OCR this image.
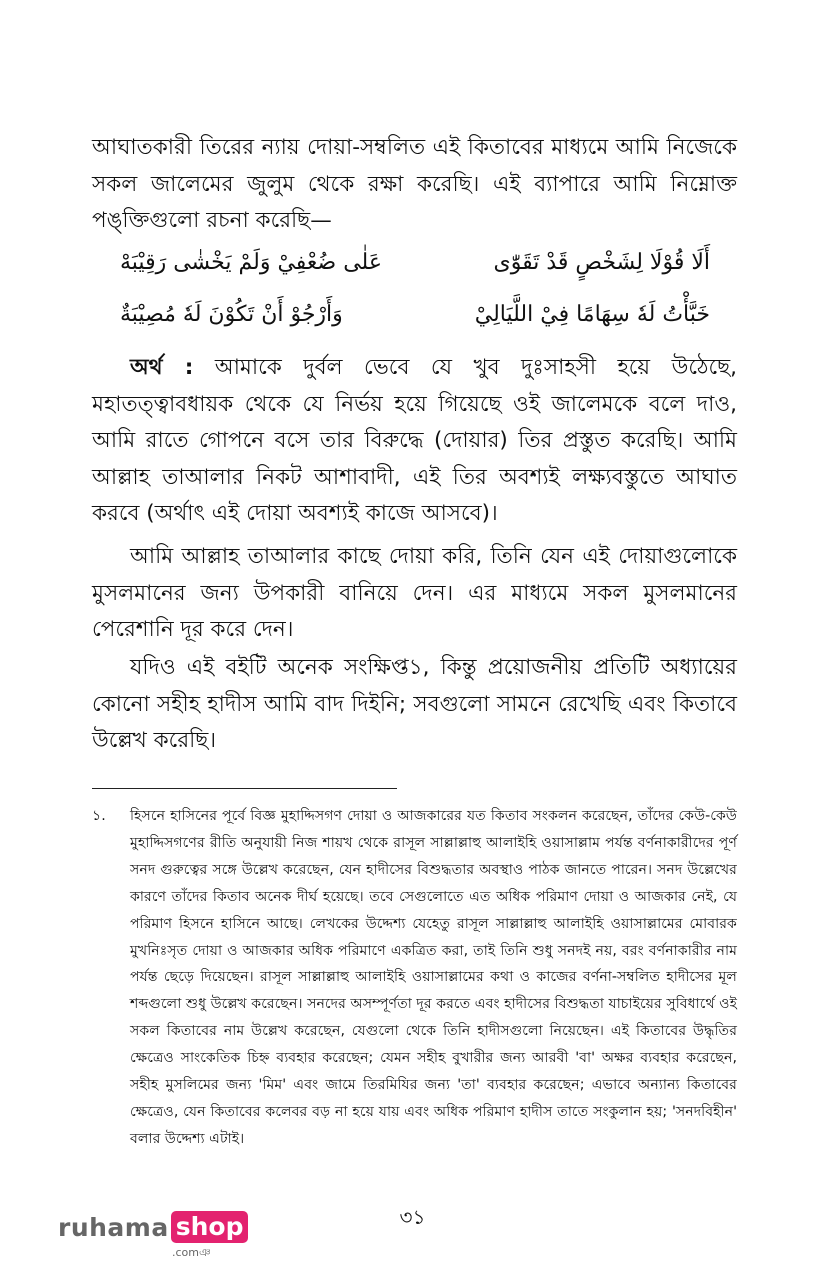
আঘাতকারী তিরের ন্যায় দোয়া-সম্বলিত এই কিতাবের মাধ্যমে আমি নিজেকে সকল জালেমের জুলুম থেকে রক্ষা করেছি। এই ব্যাপারে আমি নিম্নোক্ত পঙ্‌ক্তিগুলো রচনা করেছি—
أَلَا قُوْلَا لِشَخْصٍ قَدْ تَقَوّٰى
عَلٰى ضُعْفِيْ وَلَمْ يَخْشٰى رَقِيْبَهْ
خَبَّأْتُ لَهٗ سِهَامًا فِيْ اللَّيَالِيْ
وَأَرْجُوْ أَنْ تَكُوْنَ لَهٗ مُصِيْبَةٌ
অর্থ : আমাকে দুর্বল ভেবে যে খুব দুঃসাহসী হয়ে উঠেছে, মহাতত্ত্বাবধায়ক থেকে যে নির্ভয় হয়ে গিয়েছে ওই জালেমকে বলে দাও, আমি রাতে গোপনে বসে তার বিরুদ্ধে (দোয়ার) তির প্রস্তুত করেছি। আমি আল্লাহ তাআলার নিকট আশাবাদী, এই তির অবশ্যই লক্ষ্যবস্তুতে আঘাত করবে (অর্থাৎ এই দোয়া অবশ্যই কাজে আসবে)।
আমি আল্লাহ তাআলার কাছে দোয়া করি, তিনি যেন এই দোয়াগুলোকে মুসলমানের জন্য উপকারী বানিয়ে দেন। এর মাধ্যমে সকল মুসলমানের পেরেশানি দূর করে দেন।
যদিও এই বইটি অনেক সংক্ষিপ্ত১, কিন্তু প্রয়োজনীয় প্রতিটি অধ্যায়ের কোনো সহীহ হাদীস আমি বাদ দিইনি; সবগুলো সামনে রেখেছি এবং কিতাবে উল্লেখ করেছি।
১.	হিসনে হাসিনের পূর্বে বিজ্ঞ মুহাদ্দিসগণ দোয়া ও আজকারের যত কিতাব সংকলন করেছেন, তাঁদের কেউ-কেউ মুহাদ্দিসগণের রীতি অনুযায়ী নিজ শায়খ থেকে রাসূল সাল্লাল্লাহু আলাইহি ওয়াসাল্লাম পর্যন্ত বর্ণনাকারীদের পূর্ণ সনদ গুরুত্বের সঙ্গে উল্লেখ করেছেন, যেন হাদীসের বিশুদ্ধতার অবস্থাও পাঠক জানতে পারেন। সনদ উল্লেখের কারণে তাঁদের কিতাব অনেক দীর্ঘ হয়েছে। তবে সেগুলোতে এত অধিক পরিমাণ দোয়া ও আজকার নেই, যে পরিমাণ হিসনে হাসিনে আছে। লেখকের উদ্দেশ্য যেহেতু রাসূল সাল্লাল্লাহু আলাইহি ওয়াসাল্লামের মোবারক মুখনিঃসৃত দোয়া ও আজকার অধিক পরিমাণে একত্রিত করা, তাই তিনি শুধু সনদই নয়, বরং বর্ণনাকারীর নাম পর্যন্ত ছেড়ে দিয়েছেন। রাসূল সাল্লাল্লাহু আলাইহি ওয়াসাল্লামের কথা ও কাজের বর্ণনা-সম্বলিত হাদীসের মূল শব্দগুলো শুধু উল্লেখ করেছেন। সনদের অসম্পূর্ণতা দূর করতে এবং হাদীসের বিশুদ্ধতা যাচাইয়ের সুবিধার্থে ওই সকল কিতাবের নাম উল্লেখ করেছেন, যেগুলো থেকে তিনি হাদীসগুলো নিয়েছেন। এই কিতাবের উদ্ধৃতির ক্ষেত্রেও সাংকেতিক চিহ্ন ব্যবহার করেছেন; যেমন সহীহ বুখারীর জন্য আরবী 'বা' অক্ষর ব্যবহার করেছেন, সহীহ মুসলিমের জন্য 'মিম' এবং জামে তিরমিযির জন্য 'তা' ব্যবহার করেছেন; এভাবে অন্যান্য কিতাবের ক্ষেত্রেও, যেন কিতাবের কলেবর বড় না হয়ে যায় এবং অধিক পরিমাণ হাদীস তাতে সংকুলান হয়; 'সনদবিহীন' বলার উদ্দেশ্য এটাই।
৩১
ruhama shop
.comঞ
